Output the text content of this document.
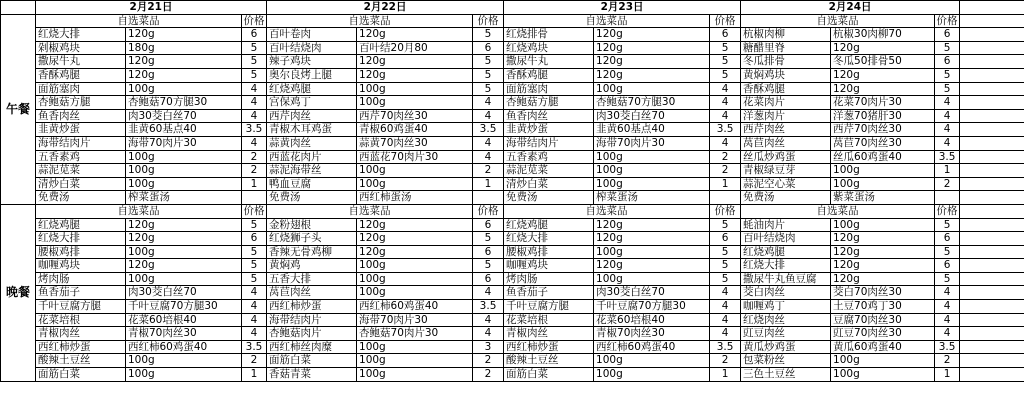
	2月21日			2月22日			2月23日			2月24日			
午餐	自选菜品		价格	自选菜品		价格	自选菜品		价格	自选菜品		价格	
	红烧大排	120g	6	百叶卷肉	120g	5	红烧排骨	120g	6	杭椒肉柳	杭椒30肉柳70	6	
	剁椒鸡块	180g	5	百叶结烧肉	百叶结20月80	6	红烧鸡块	120g	5	糖醋里脊	120g	5	
	撒尿牛丸	120g	5	辣子鸡块	120g	5	撒尿牛丸	120g	5	冬瓜排骨	冬瓜50排骨50	6	
	香酥鸡腿	120g	5	奥尔良烤上腿	120g	5	香酥鸡腿	120g	5	黄焖鸡块	120g	5	
	面筋塞肉	100g	4	红烧鸡腿	100g	5	面筋塞肉	100g	4	香酥鸡腿	120g	5	
	杏鲍菇方腿	杏鲍菇70方腿30	4	宫保鸡丁	100g	4	杏鲍菇方腿	杏鲍菇70方腿30	4	花菜肉片	花菜70肉片30	4	
	鱼香肉丝	肉30茭白丝70	4	西芹肉丝	西芹70肉丝30	4	鱼香肉丝	肉30茭白丝70	4	洋葱肉片	洋葱70猪肝30	4	
	韭黄炒蛋	韭黄60基点40	3.5	青椒木耳鸡蛋	青椒60鸡蛋40	3.5	韭黄炒蛋	韭黄60基点40	3.5	西芹肉丝	西芹70肉丝30	4	
	海带结肉片	海带70肉片30	4	蒜黄肉丝	蒜黄70肉丝30	4	海带结肉片	海带70肉片30	4	莴苣肉丝	莴苣70肉丝30	4	
	五香素鸡	100g	2	西蓝花肉片	西蓝花70肉片30	4	五香素鸡	100g	2	丝瓜炒鸡蛋	丝瓜60鸡蛋40	3.5	
	蒜泥苋菜	100g	2	蒜泥海带丝	100g	2	蒜泥苋菜	100g	2	青椒绿豆芽	100g	1	
	清炒白菜	100g	1	鸭血豆腐	100g	1	清炒白菜	100g	1	蒜泥空心菜	100g	2	
	免费汤	榨菜蛋汤		免费汤	西红柿蛋汤		免费汤	榨菜蛋汤		免费汤	紫菜蛋汤		
晚餐	自选菜品		价格	自选菜品		价格	自选菜品		价格	自选菜品		价格	
	红烧鸡腿	120g	5	金粉翅根	120g	6	红烧鸡腿	120g	5	蚝油肉片	100g	5	
	红烧大排	120g	6	红烧狮子头	120g	5	红烧大排	120g	6	百叶结烧肉	120g	6	
	腰椒鸡排	100g	5	香辣无骨鸡柳	120g	6	腰椒鸡排	100g	5	红烧鸡腿	120g	5	
	咖喱鸡块	120g	5	黄焖鸡	100g	5	咖喱鸡块	120g	5	红烧大排	120g	6	
	烤肉肠	100g	5	五香大排	100g	6	烤肉肠	100g	5	撒尿牛丸鱼豆腐	120g	5	
	鱼香茄子	肉30茭白丝70	4	莴苣肉丝	100g	4	鱼香茄子	肉30茭白丝70	4	茭白肉丝	茭白70肉丝30	4	
	千叶豆腐方腿	千叶豆腐70方腿30	4	西红柿炒蛋	西红柿60鸡蛋40	3.5	千叶豆腐方腿	千叶豆腐70方腿30	4	咖喱鸡丁	土豆70鸡丁30	4	
	花菜培根	花菜60培根40	4	海带结肉片	海带70肉片30	4	花菜培根	花菜60培根40	4	红烧肉丝	豆腐70肉丝30	4	
	青椒肉丝	青椒70肉丝30	4	杏鲍菇肉片	杏鲍菇70肉片30	4	青椒肉丝	青椒70肉丝30	4	豇豆肉丝	豇豆70肉丝30	4	
	西红柿炒蛋	西红柿60鸡蛋40	3.5	西红柿丝肉糜	100g	3	西红柿炒蛋	西红柿60鸡蛋40	3.5	黄瓜炒鸡蛋	黄瓜60鸡蛋40	3.5	
	酸辣土豆丝	100g	2	面筋白菜	100g	2	酸辣土豆丝	100g	2	包菜粉丝	100g	2	
	面筋白菜	100g	1	香菇青菜	100g	2	面筋白菜	100g	1	三色土豆丝	100g	1	
